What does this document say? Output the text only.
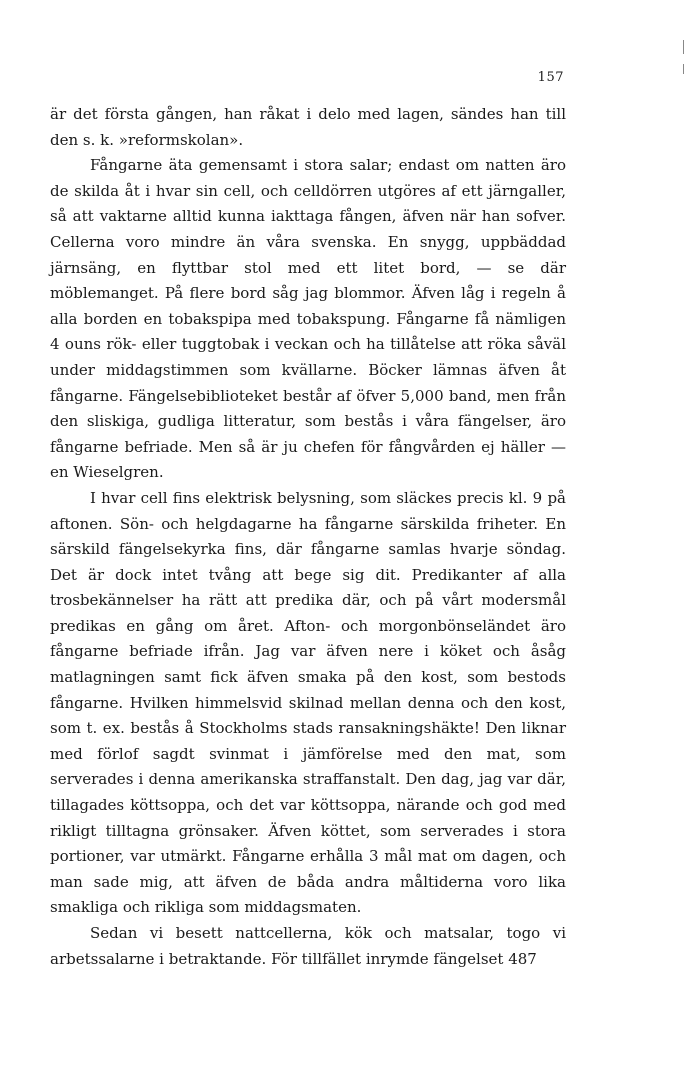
157

är det första gången, han råkat i delo med lagen, sändes han till den s. k. »reformskolan».

Fångarne äta gemensamt i stora salar; endast om natten äro de skilda åt i hvar sin cell, och celldörren utgöres af ett järngaller, så att vaktarne alltid kunna iakttaga fången, äfven när han sofver. Cellerna voro mindre än våra svenska. En snygg, uppbäddad järnsäng, en flyttbar stol med ett litet bord, — se där möblemanget. På flere bord såg jag blommor. Äfven låg i regeln å alla borden en tobakspipa med tobakspung. Fångarne få nämligen 4 ouns rök- eller tuggtobak i veckan och ha tillåtelse att röka såväl under middagstimmen som kvällarne. Böcker lämnas äfven åt fångarne. Fängelsebiblioteket består af öfver 5,000 band, men från den sliskiga, gudliga litteratur, som bestås i våra fängelser, äro fångarne befriade. Men så är ju chefen för fångvården ej häller — en Wieselgren.

I hvar cell fins elektrisk belysning, som släckes precis kl. 9 på aftonen. Sön- och helgdagarne ha fångarne särskilda friheter. En särskild fängelsekyrka fins, där fångarne samlas hvarje söndag. Det är dock intet tvång att bege sig dit. Predikanter af alla trosbekännelser ha rätt att predika där, och på vårt modersmål predikas en gång om året. Afton- och morgonbönseländet äro fångarne befriade ifrån. Jag var äfven nere i köket och åsåg matlagningen samt fick äfven smaka på den kost, som bestods fångarne. Hvilken himmelsvid skilnad mellan denna och den kost, som t. ex. bestås å Stockholms stads ransakningshäkte! Den liknar med förlof sagdt svinmat i jämförelse med den mat, som serverades i denna amerikanska straffanstalt. Den dag, jag var där, tillagades köttsoppa, och det var köttsoppa, närande och god med rikligt tilltagna grönsaker. Äfven köttet, som serverades i stora portioner, var utmärkt. Fångarne erhålla 3 mål mat om dagen, och man sade mig, att äfven de båda andra måltiderna voro lika smakliga och rikliga som middagsmaten.

Sedan vi besett nattcellerna, kök och matsalar, togo vi arbetssalarne i betraktande. För tillfället inrymde fängelset 487
